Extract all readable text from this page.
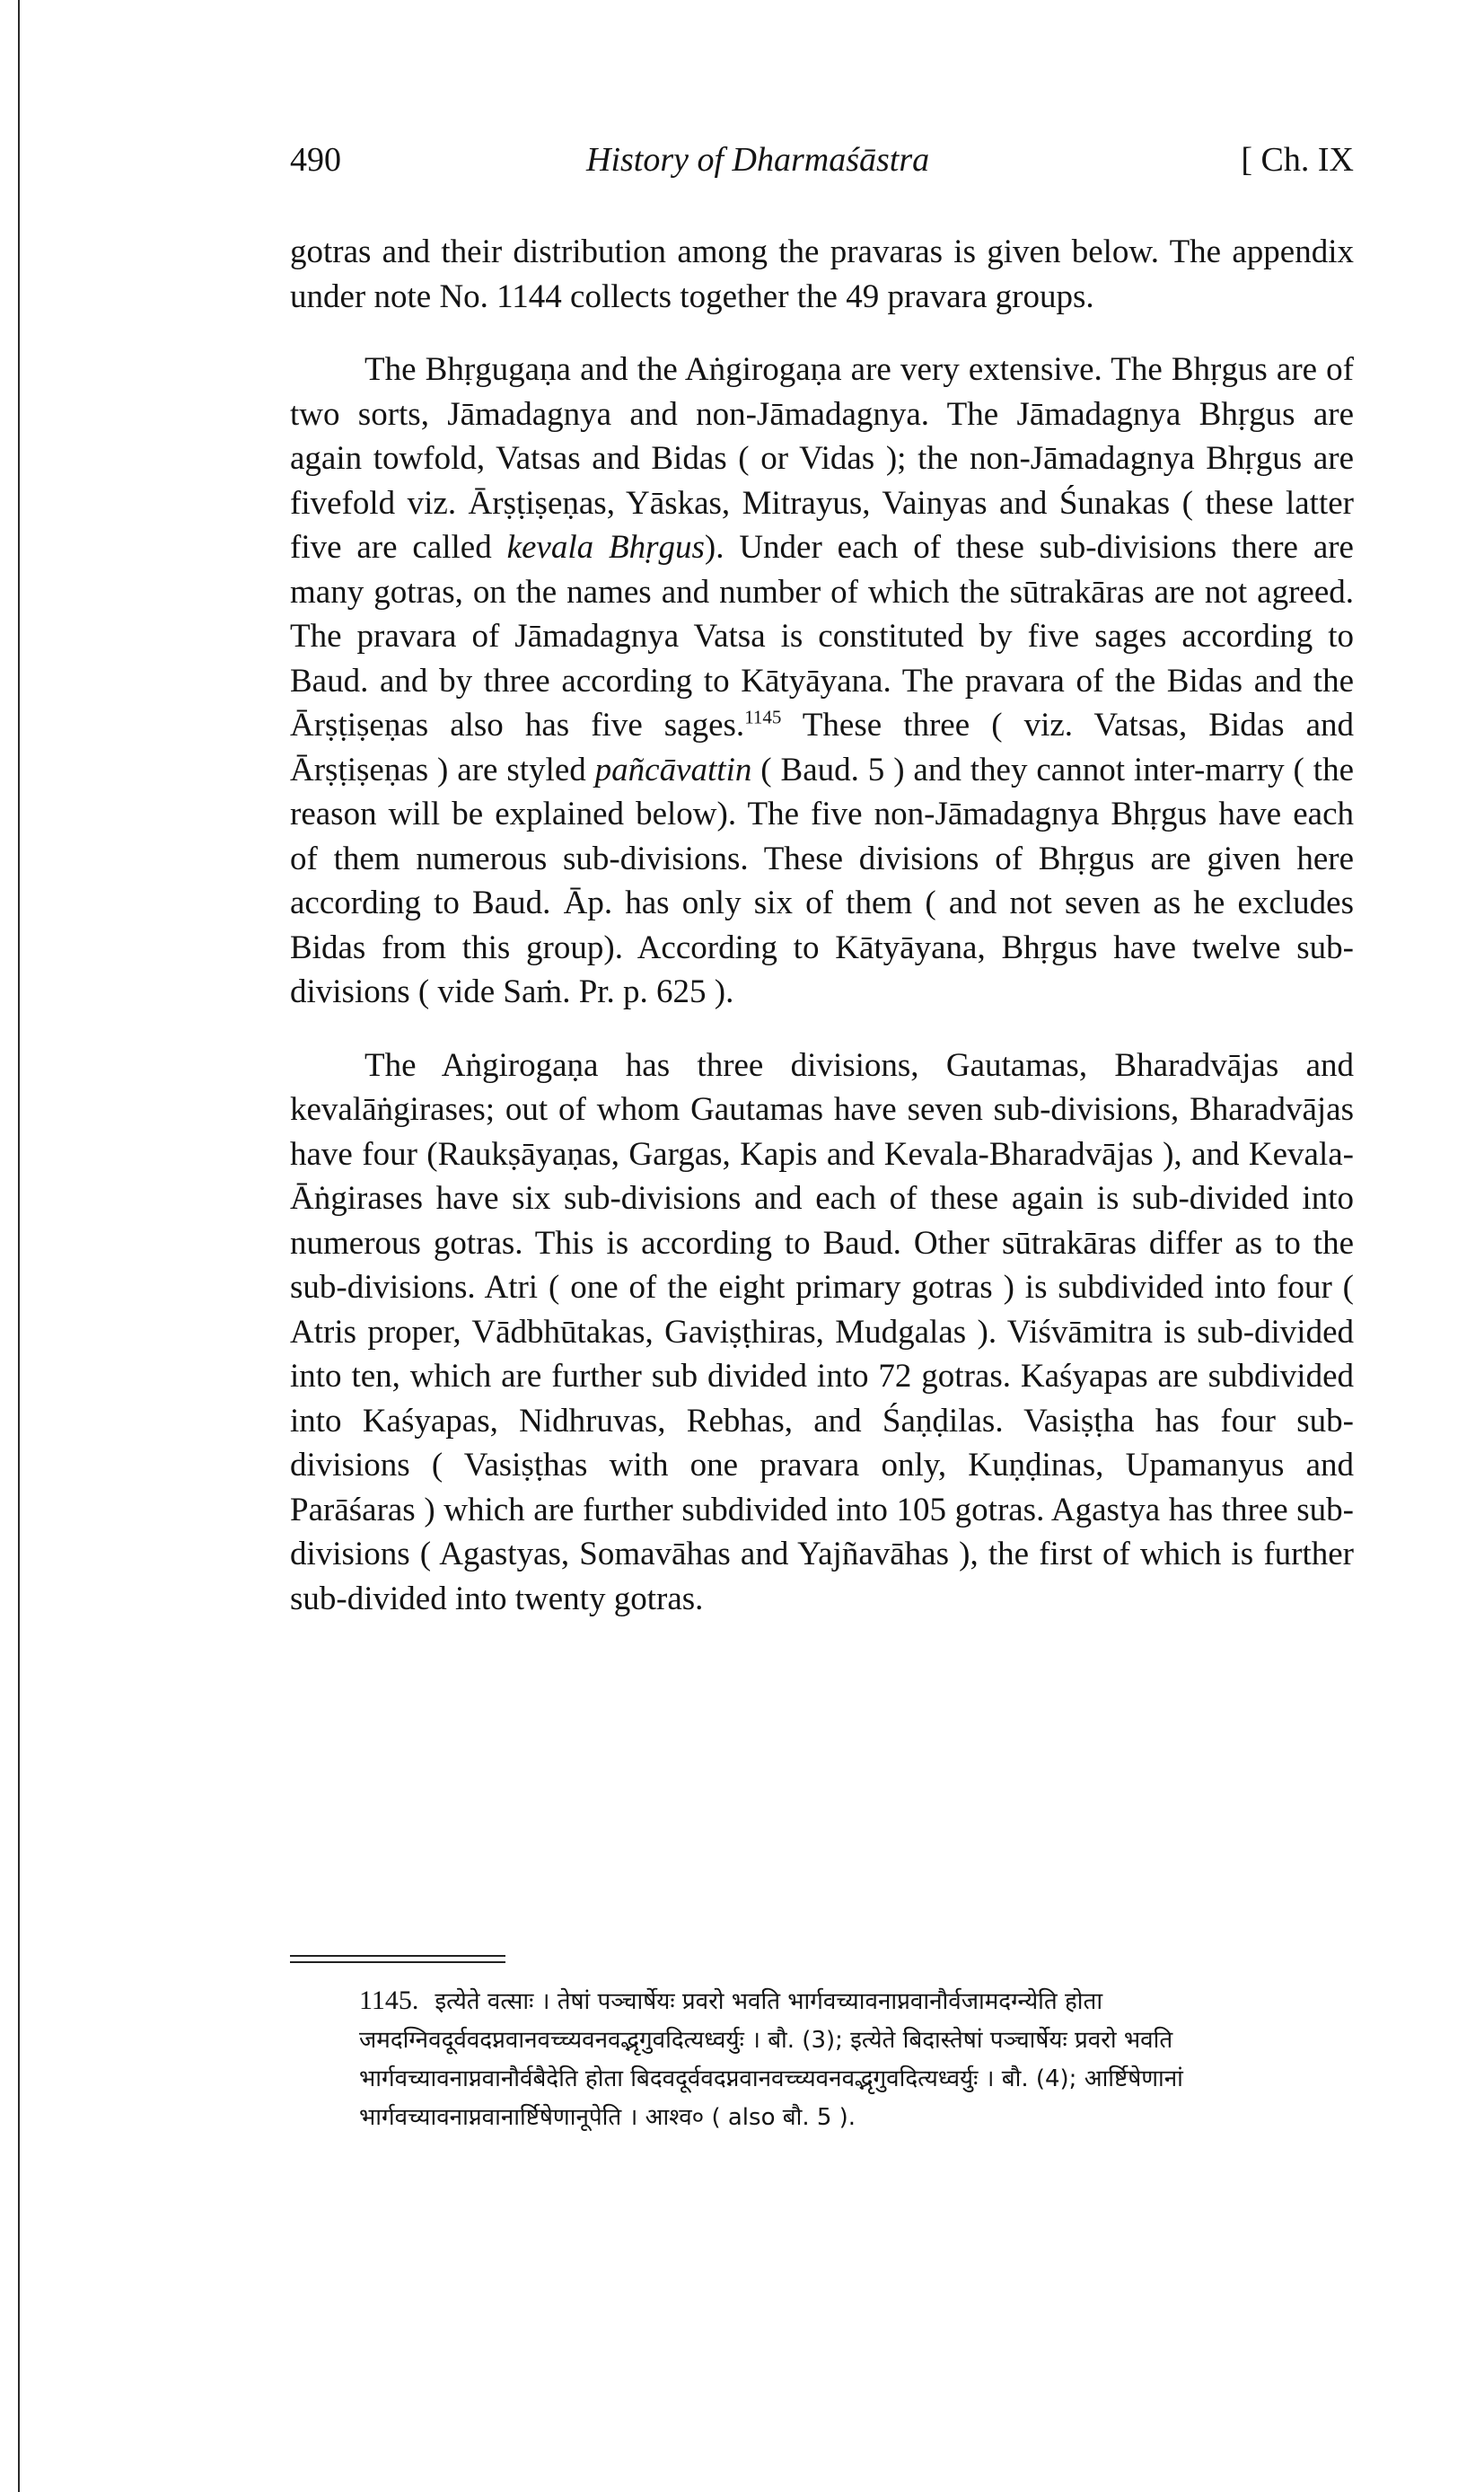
490	History of Dharmaśāstra	[ Ch. IX

gotras and their distribution among the pravaras is given below. The appendix under note No. 1144 collects together the 49 pravara groups.

The Bhṛgugaṇa and the Aṅgirogaṇa are very extensive. The Bhṛgus are of two sorts, Jāmadagnya and non-Jāmadagnya. The Jāmadagnya Bhṛgus are again towfold, Vatsas and Bidas ( or Vidas ); the non-Jāmadagnya Bhṛgus are fivefold viz. Ārṣṭiṣeṇas, Yāskas, Mitrayus, Vainyas and Śunakas ( these latter five are called kevala Bhṛgus). Under each of these sub-divisions there are many gotras, on the names and number of which the sūtrakāras are not agreed. The pravara of Jāmadagnya Vatsa is constituted by five sages according to Baud. and by three according to Kātyāyana. The pravara of the Bidas and the Ārṣṭiṣeṇas also has five sages.$^{1145}$ These three ( viz. Vatsas, Bidas and Ārṣṭiṣeṇas ) are styled pañcāvattin ( Baud. 5 ) and they cannot inter-marry ( the reason will be explained below). The five non-Jāmadagnya Bhṛgus have each of them numerous sub-divisions. These divisions of Bhṛgus are given here according to Baud. Āp. has only six of them ( and not seven as he excludes Bidas from this group). According to Kātyāyana, Bhṛgus have twelve sub-divisions ( vide Saṁ. Pr. p. 625 ).

The Aṅgirogaṇa has three divisions, Gautamas, Bharadvājas and kevalāṅgirases; out of whom Gautamas have seven sub-divisions, Bharadvājas have four (Raukṣāyaṇas, Gargas, Kapis and Kevala-Bharadvājas ), and Kevala-Āṅgirases have six sub-divisions and each of these again is sub-divided into numerous gotras. This is according to Baud. Other sūtrakāras differ as to the sub-divisions. Atri ( one of the eight primary gotras ) is subdivided into four ( Atris proper, Vādbhūtakas, Gaviṣṭhiras, Mudgalas ). Viśvāmitra is sub-divided into ten, which are further sub divided into 72 gotras. Kaśyapas are subdivided into Kaśyapas, Nidhruvas, Rebhas, and Śaṇḍilas. Vasiṣṭha has four sub-divisions ( Vasiṣṭhas with one pravara only, Kuṇḍinas, Upamanyus and Parāśaras ) which are further subdivided into 105 gotras. Agastya has three sub-divisions ( Agastyas, Somavāhas and Yajñavāhas ), the first of which is further sub-divided into twenty gotras.

1145. इत्येते वत्साः । तेषां पञ्चार्षेयः प्रवरो भवति भार्गवच्यावनाप्नवानौर्वजामदग्न्येति होता जमदग्निवदूर्ववदप्नवानवच्च्यवनवद्भृगुवदित्यध्वर्युः । बौ. (3); इत्येते बिदास्तेषां पञ्चार्षेयः प्रवरो भवति भार्गवच्यावनाप्नवानौर्वबैदेति होता बिदवदूर्ववदप्नवानवच्च्यवनवद्भृगुवदित्यध्वर्युः । बौ. (4); आर्ष्टिषेणानां भार्गवच्यावनाप्नवानार्ष्टिषेणानूपेति । आश्व० ( also बौ. 5 ).
